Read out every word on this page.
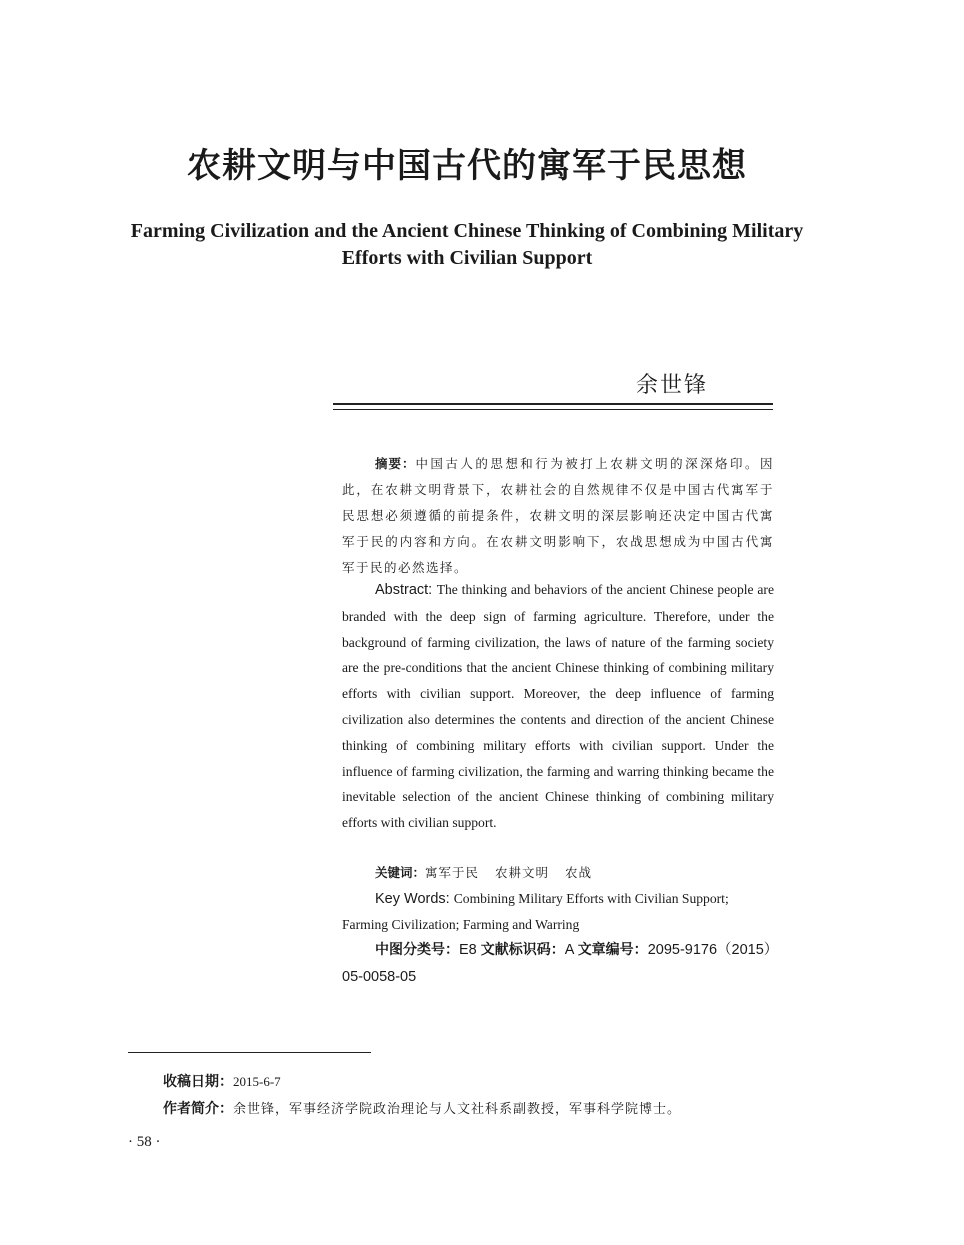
农耕文明与中国古代的寓军于民思想
Farming Civilization and the Ancient Chinese Thinking of Combining Military Efforts with Civilian Support
余世锋
摘要：中国古人的思想和行为被打上农耕文明的深深烙印。因此，在农耕文明背景下，农耕社会的自然规律不仅是中国古代寓军于民思想必须遵循的前提条件，农耕文明的深层影响还决定中国古代寓军于民的内容和方向。在农耕文明影响下，农战思想成为中国古代寓军于民的必然选择。
Abstract: The thinking and behaviors of the ancient Chinese people are branded with the deep sign of farming agriculture. Therefore, under the background of farming civilization, the laws of nature of the farming society are the pre-conditions that the ancient Chinese thinking of combining military efforts with civilian support. Moreover, the deep influence of farming civilization also determines the contents and direction of the ancient Chinese thinking of combining military efforts with civilian support. Under the influence of farming civilization, the farming and warring thinking became the inevitable selection of the ancient Chinese thinking of combining military efforts with civilian support.
关键词：寓军于民 农耕文明 农战
Key Words: Combining Military Efforts with Civilian Support; Farming Civilization; Farming and Warring
中图分类号：E8 文献标识码：A 文章编号：2095-9176（2015）05-0058-05
收稿日期：2015-6-7
作者简介：余世锋，军事经济学院政治理论与人文社科系副教授，军事科学院博士。
· 58 ·
